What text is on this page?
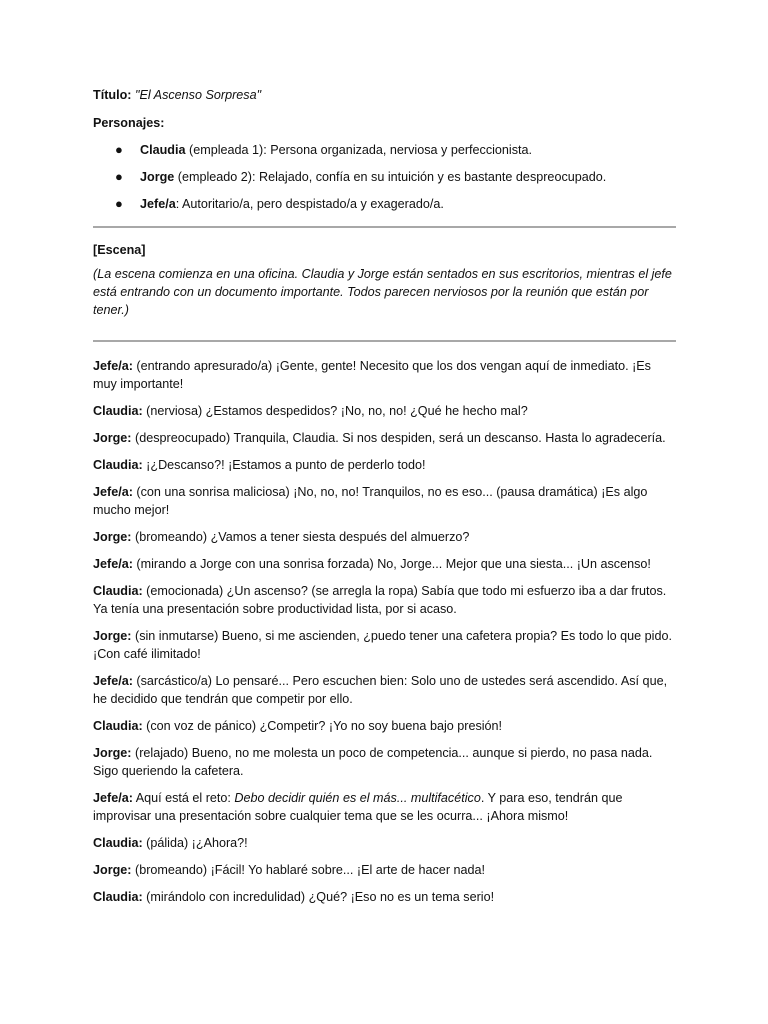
Título: "El Ascenso Sorpresa"

Personajes:

● Claudia (empleada 1): Persona organizada, nerviosa y perfeccionista.
● Jorge (empleado 2): Relajado, confía en su intuición y es bastante despreocupado.
● Jefe/a: Autoritario/a, pero despistado/a y exagerado/a.

[Escena]

(La escena comienza en una oficina. Claudia y Jorge están sentados en sus escritorios, mientras el jefe está entrando con un documento importante. Todos parecen nerviosos por la reunión que están por tener.)

Jefe/a: (entrando apresurado/a) ¡Gente, gente! Necesito que los dos vengan aquí de inmediato. ¡Es muy importante!

Claudia: (nerviosa) ¿Estamos despedidos? ¡No, no, no! ¿Qué he hecho mal?

Jorge: (despreocupado) Tranquila, Claudia. Si nos despiden, será un descanso. Hasta lo agradecería.

Claudia: ¡¿Descanso?! ¡Estamos a punto de perderlo todo!

Jefe/a: (con una sonrisa maliciosa) ¡No, no, no! Tranquilos, no es eso... (pausa dramática) ¡Es algo mucho mejor!

Jorge: (bromeando) ¿Vamos a tener siesta después del almuerzo?

Jefe/a: (mirando a Jorge con una sonrisa forzada) No, Jorge... Mejor que una siesta... ¡Un ascenso!

Claudia: (emocionada) ¿Un ascenso? (se arregla la ropa) Sabía que todo mi esfuerzo iba a dar frutos. Ya tenía una presentación sobre productividad lista, por si acaso.

Jorge: (sin inmutarse) Bueno, si me ascienden, ¿puedo tener una cafetera propia? Es todo lo que pido. ¡Con café ilimitado!

Jefe/a: (sarcástico/a) Lo pensaré... Pero escuchen bien: Solo uno de ustedes será ascendido. Así que, he decidido que tendrán que competir por ello.

Claudia: (con voz de pánico) ¿Competir? ¡Yo no soy buena bajo presión!

Jorge: (relajado) Bueno, no me molesta un poco de competencia... aunque si pierdo, no pasa nada. Sigo queriendo la cafetera.

Jefe/a: Aquí está el reto: Debo decidir quién es el más... multifacético. Y para eso, tendrán que improvisar una presentación sobre cualquier tema que se les ocurra... ¡Ahora mismo!

Claudia: (pálida) ¡¿Ahora?!

Jorge: (bromeando) ¡Fácil! Yo hablaré sobre... ¡El arte de hacer nada!

Claudia: (mirándolo con incredulidad) ¿Qué? ¡Eso no es un tema serio!
